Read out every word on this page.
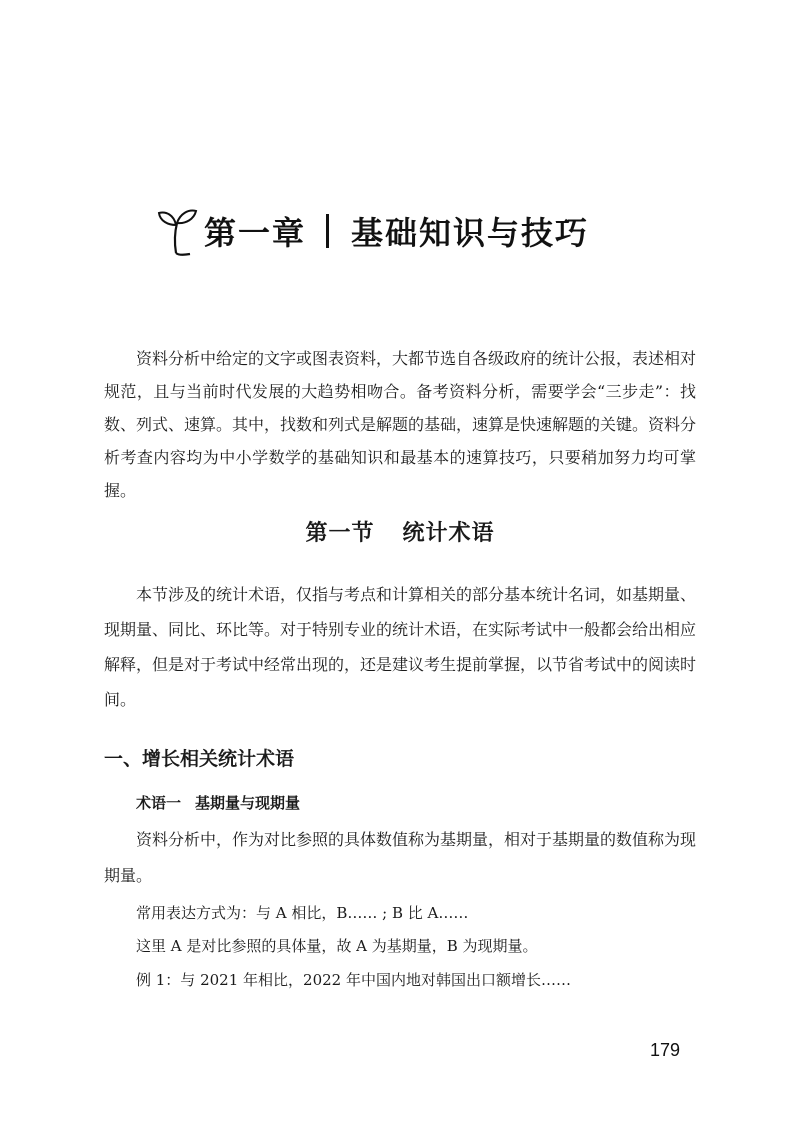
第一章 基础知识与技巧

资料分析中给定的文字或图表资料，大都节选自各级政府的统计公报，表述相对规范，且与当前时代发展的大趋势相吻合。备考资料分析，需要学会“三步走”：找数、列式、速算。其中，找数和列式是解题的基础，速算是快速解题的关键。资料分析考查内容均为中小学数学的基础知识和最基本的速算技巧，只要稍加努力均可掌握。

第一节 统计术语

本节涉及的统计术语，仅指与考点和计算相关的部分基本统计名词，如基期量、现期量、同比、环比等。对于特别专业的统计术语，在实际考试中一般都会给出相应解释，但是对于考试中经常出现的，还是建议考生提前掌握，以节省考试中的阅读时间。

一、增长相关统计术语
术语一 基期量与现期量

资料分析中，作为对比参照的具体数值称为基期量，相对于基期量的数值称为现期量。

常用表达方式为：与 A 相比，B…… ; B 比 A……

这里 A 是对比参照的具体量，故 A 为基期量，B 为现期量。

例 1：与 2021 年相比，2022 年中国内地对韩国出口额增长……

179
